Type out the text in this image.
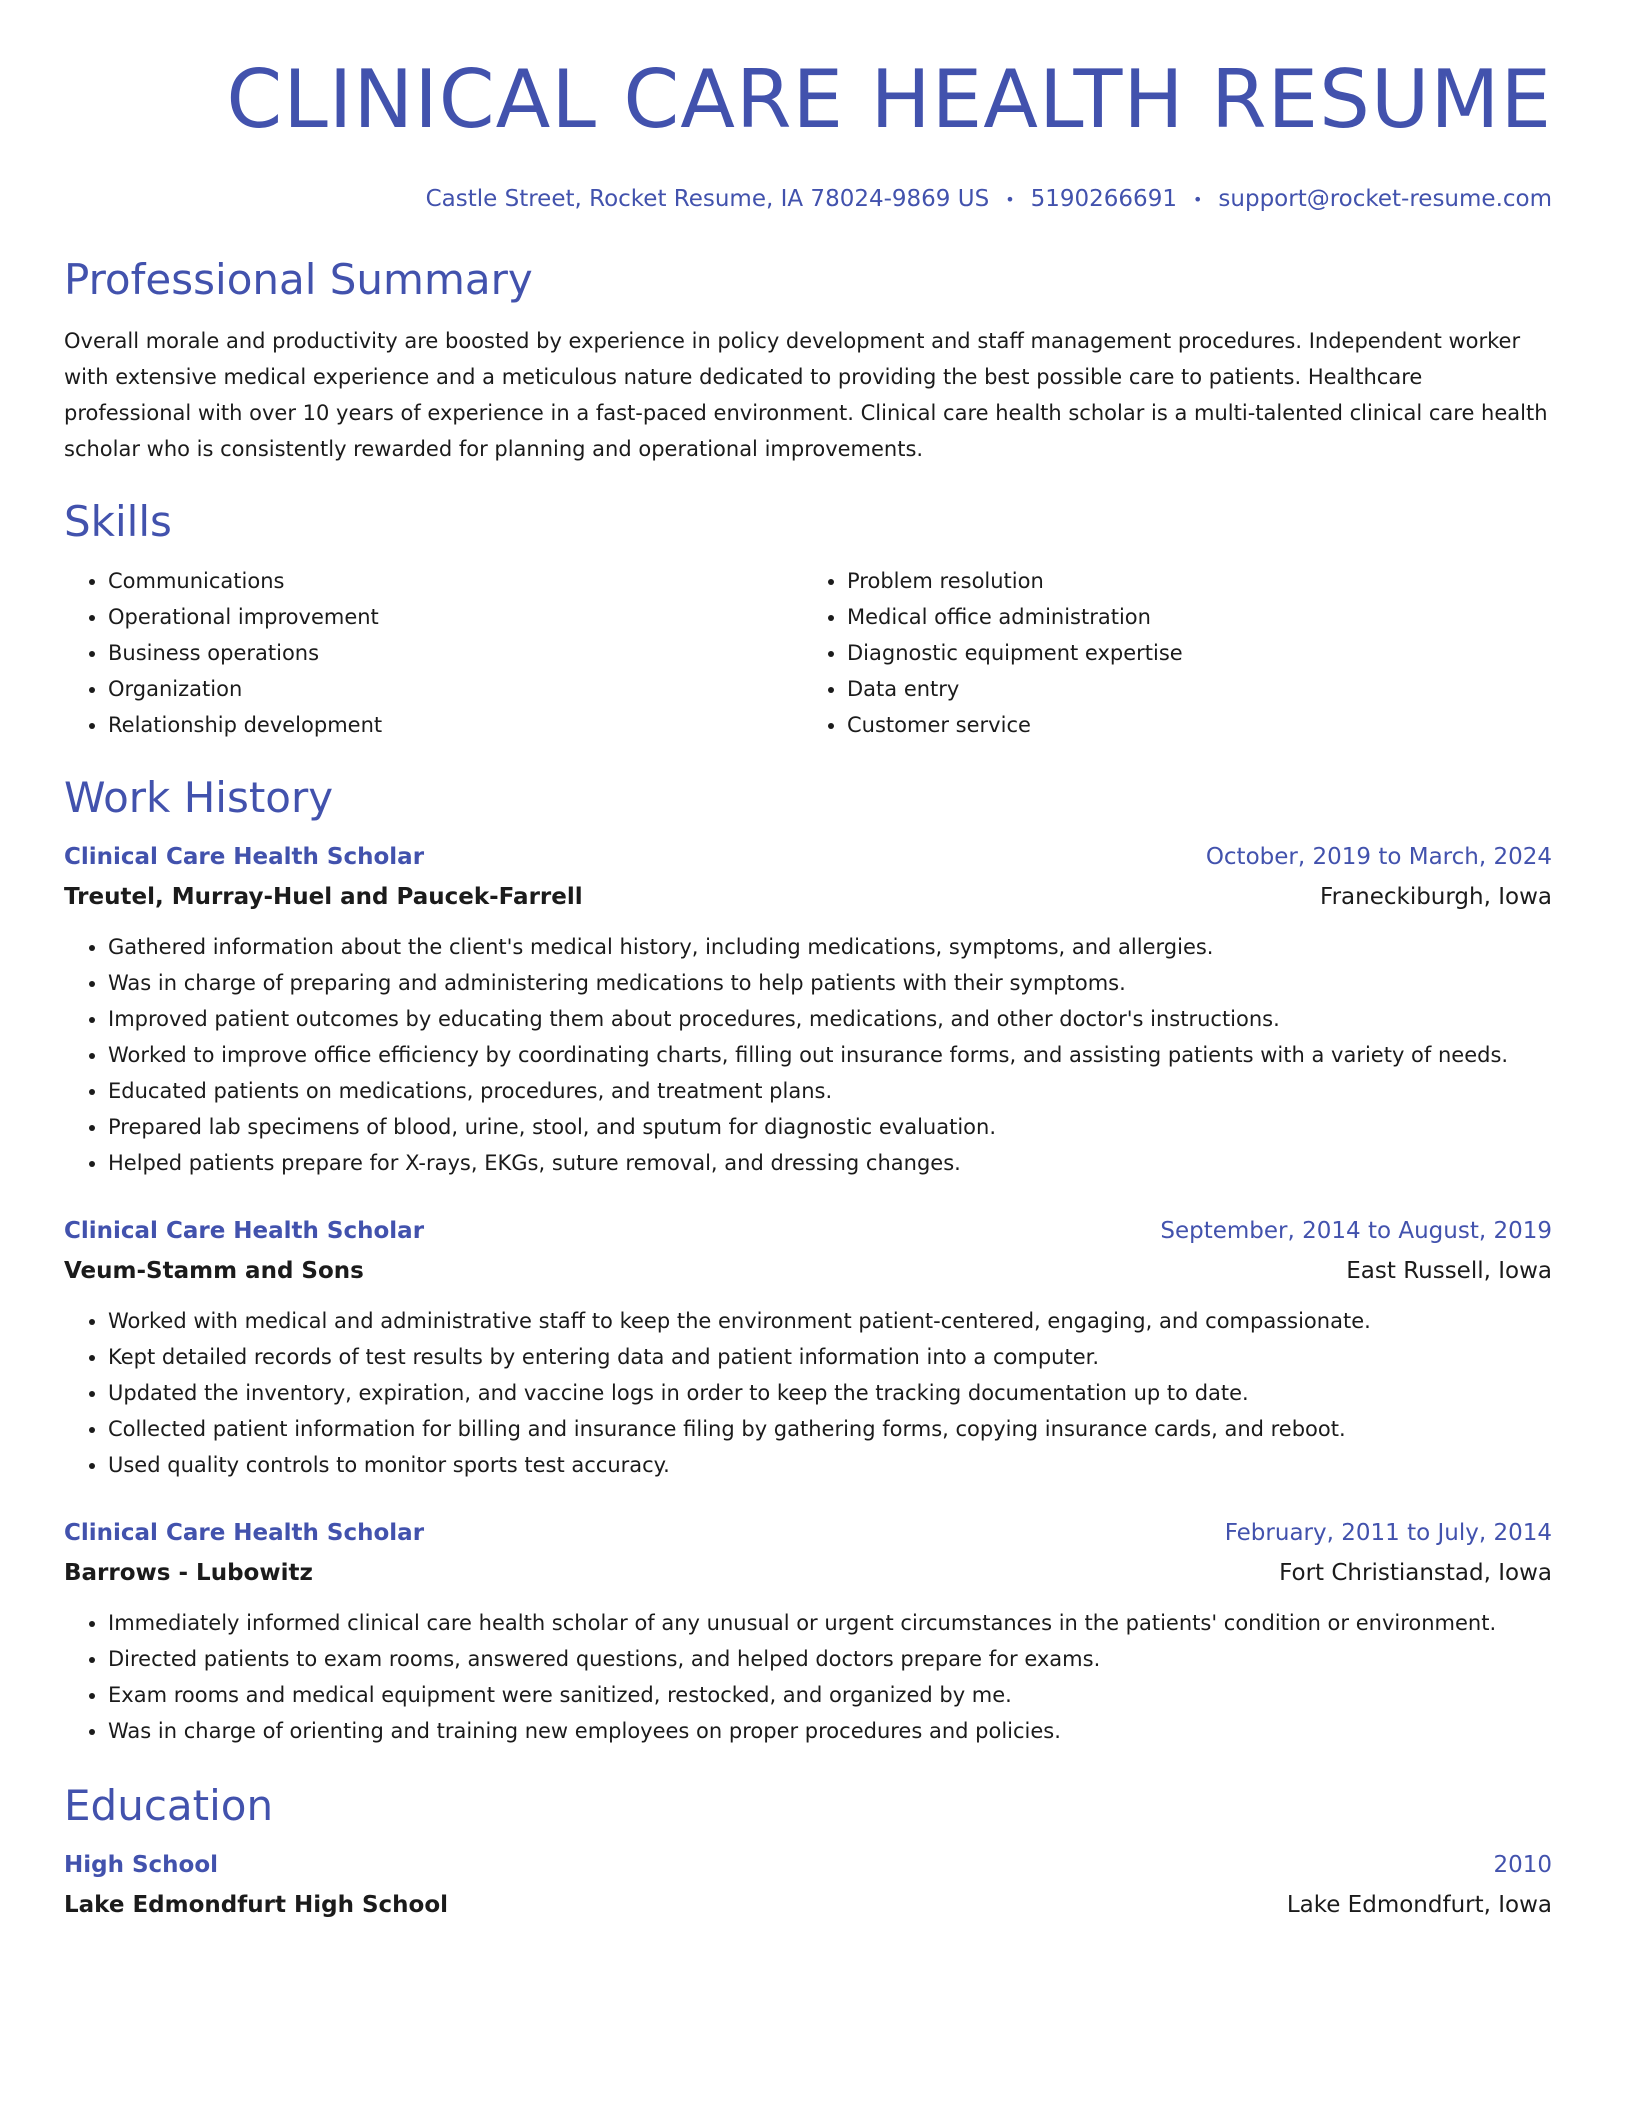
CLINICAL CARE HEALTH RESUME
Castle Street, Rocket Resume, IA 78024-9869 US • 5190266691 • support@rocket-resume.com
Professional Summary
Overall morale and productivity are boosted by experience in policy development and staff management procedures. Independent worker with extensive medical experience and a meticulous nature dedicated to providing the best possible care to patients. Healthcare professional with over 10 years of experience in a fast-paced environment. Clinical care health scholar is a multi-talented clinical care health scholar who is consistently rewarded for planning and operational improvements.
Skills
• Communications
• Operational improvement
• Business operations
• Organization
• Relationship development
• Problem resolution
• Medical office administration
• Diagnostic equipment expertise
• Data entry
• Customer service
Work History
Clinical Care Health Scholar	October, 2019 to March, 2024
Treutel, Murray-Huel and Paucek-Farrell	Franeckiburgh, Iowa
• Gathered information about the client's medical history, including medications, symptoms, and allergies.
• Was in charge of preparing and administering medications to help patients with their symptoms.
• Improved patient outcomes by educating them about procedures, medications, and other doctor's instructions.
• Worked to improve office efficiency by coordinating charts, filling out insurance forms, and assisting patients with a variety of needs.
• Educated patients on medications, procedures, and treatment plans.
• Prepared lab specimens of blood, urine, stool, and sputum for diagnostic evaluation.
• Helped patients prepare for X-rays, EKGs, suture removal, and dressing changes.
Clinical Care Health Scholar	September, 2014 to August, 2019
Veum-Stamm and Sons	East Russell, Iowa
• Worked with medical and administrative staff to keep the environment patient-centered, engaging, and compassionate.
• Kept detailed records of test results by entering data and patient information into a computer.
• Updated the inventory, expiration, and vaccine logs in order to keep the tracking documentation up to date.
• Collected patient information for billing and insurance filing by gathering forms, copying insurance cards, and reboot.
• Used quality controls to monitor sports test accuracy.
Clinical Care Health Scholar	February, 2011 to July, 2014
Barrows - Lubowitz	Fort Christianstad, Iowa
• Immediately informed clinical care health scholar of any unusual or urgent circumstances in the patients' condition or environment.
• Directed patients to exam rooms, answered questions, and helped doctors prepare for exams.
• Exam rooms and medical equipment were sanitized, restocked, and organized by me.
• Was in charge of orienting and training new employees on proper procedures and policies.
Education
High School	2010
Lake Edmondfurt High School	Lake Edmondfurt, Iowa
